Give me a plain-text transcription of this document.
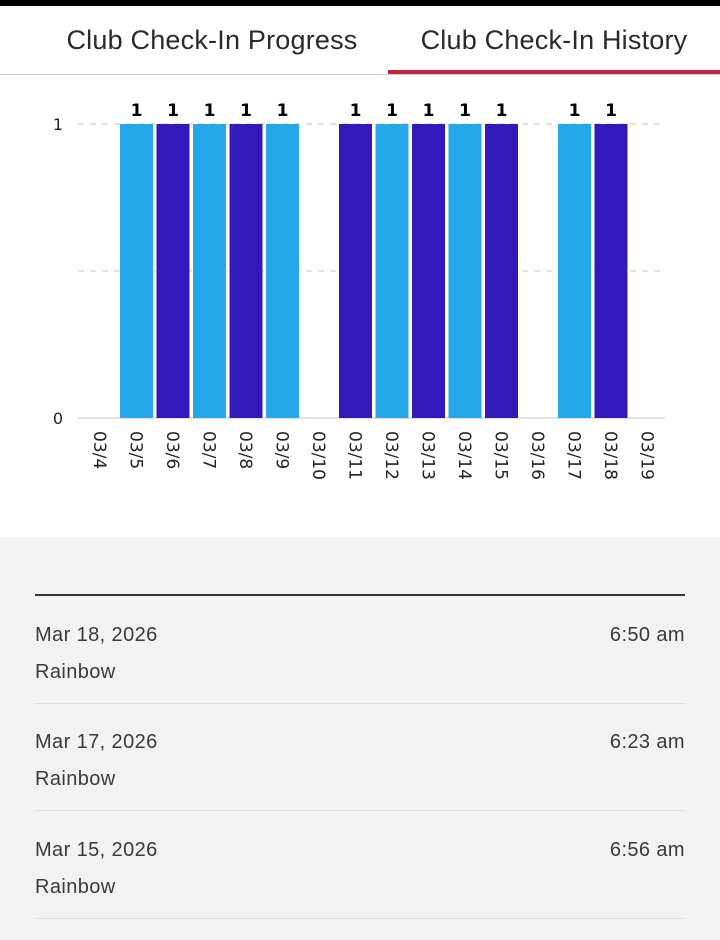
Club Check-In Progress	Club Check-In History
0
1
03/4
1
03/5
1
03/6
1
03/7
1
03/8
1
03/9 03/10
1
03/11
1
03/12
1
03/13
1
03/14
1
03/15 03/16
1
03/17
1
03/18 03/19
Mar 18, 2026	6:50 am
Rainbow
Mar 17, 2026	6:23 am
Rainbow
Mar 15, 2026	6:56 am
Rainbow
